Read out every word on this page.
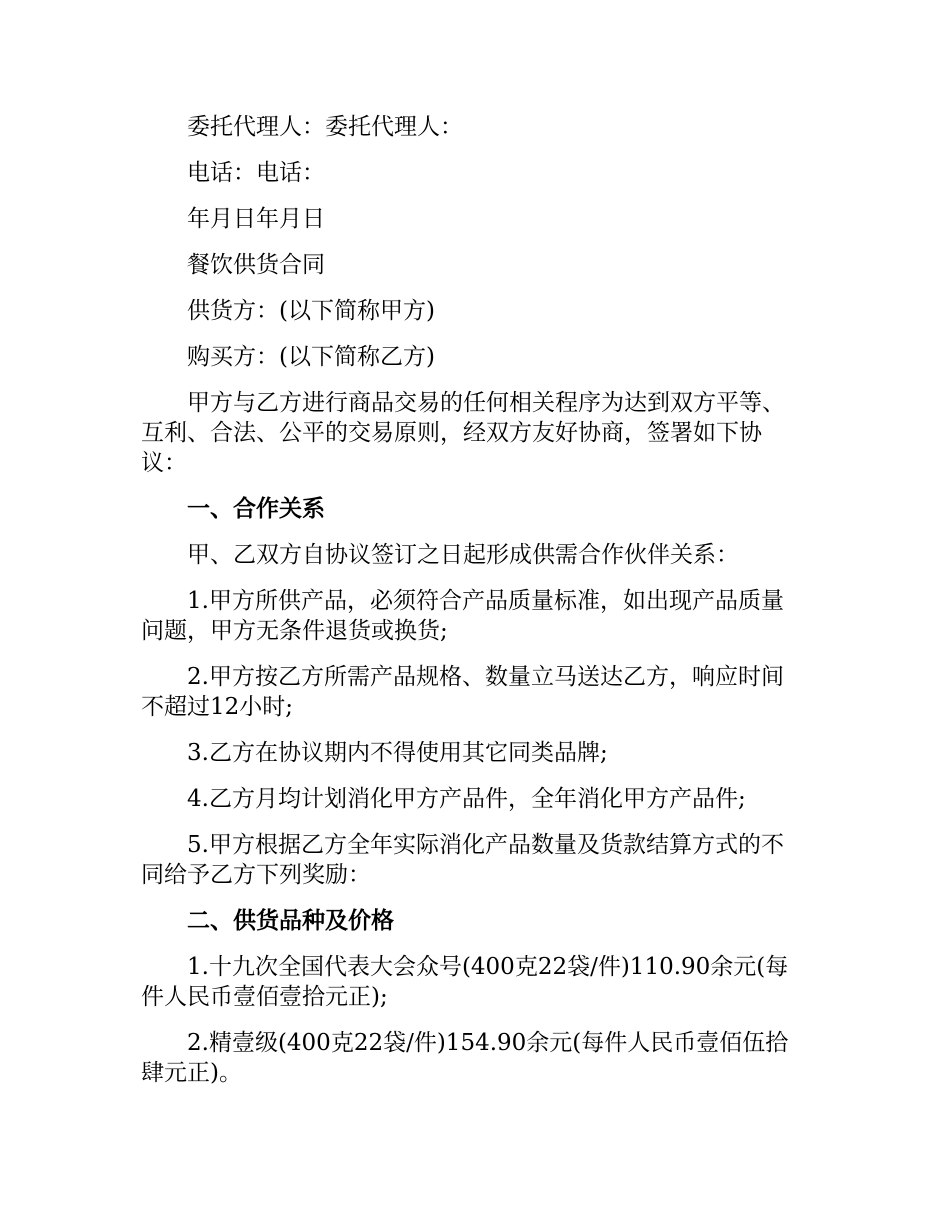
委托代理人：委托代理人：

电话：电话：

年月日年月日

餐饮供货合同

供货方：(以下简称甲方)

购买方：(以下简称乙方)

甲方与乙方进行商品交易的任何相关程序为达到双方平等、互利、合法、公平的交易原则，经双方友好协商，签署如下协议：

一、合作关系

甲、乙双方自协议签订之日起形成供需合作伙伴关系：

1.甲方所供产品，必须符合产品质量标准，如出现产品质量问题，甲方无条件退货或换货;

2.甲方按乙方所需产品规格、数量立马送达乙方，响应时间不超过12小时;

3.乙方在协议期内不得使用其它同类品牌;

4.乙方月均计划消化甲方产品件，全年消化甲方产品件;

5.甲方根据乙方全年实际消化产品数量及货款结算方式的不同给予乙方下列奖励：

二、供货品种及价格

1.十九次全国代表大会众号(400克22袋/件)110.90余元(每件人民币壹佰壹拾元正);

2.精壹级(400克22袋/件)154.90余元(每件人民币壹佰伍拾肆元正)。
